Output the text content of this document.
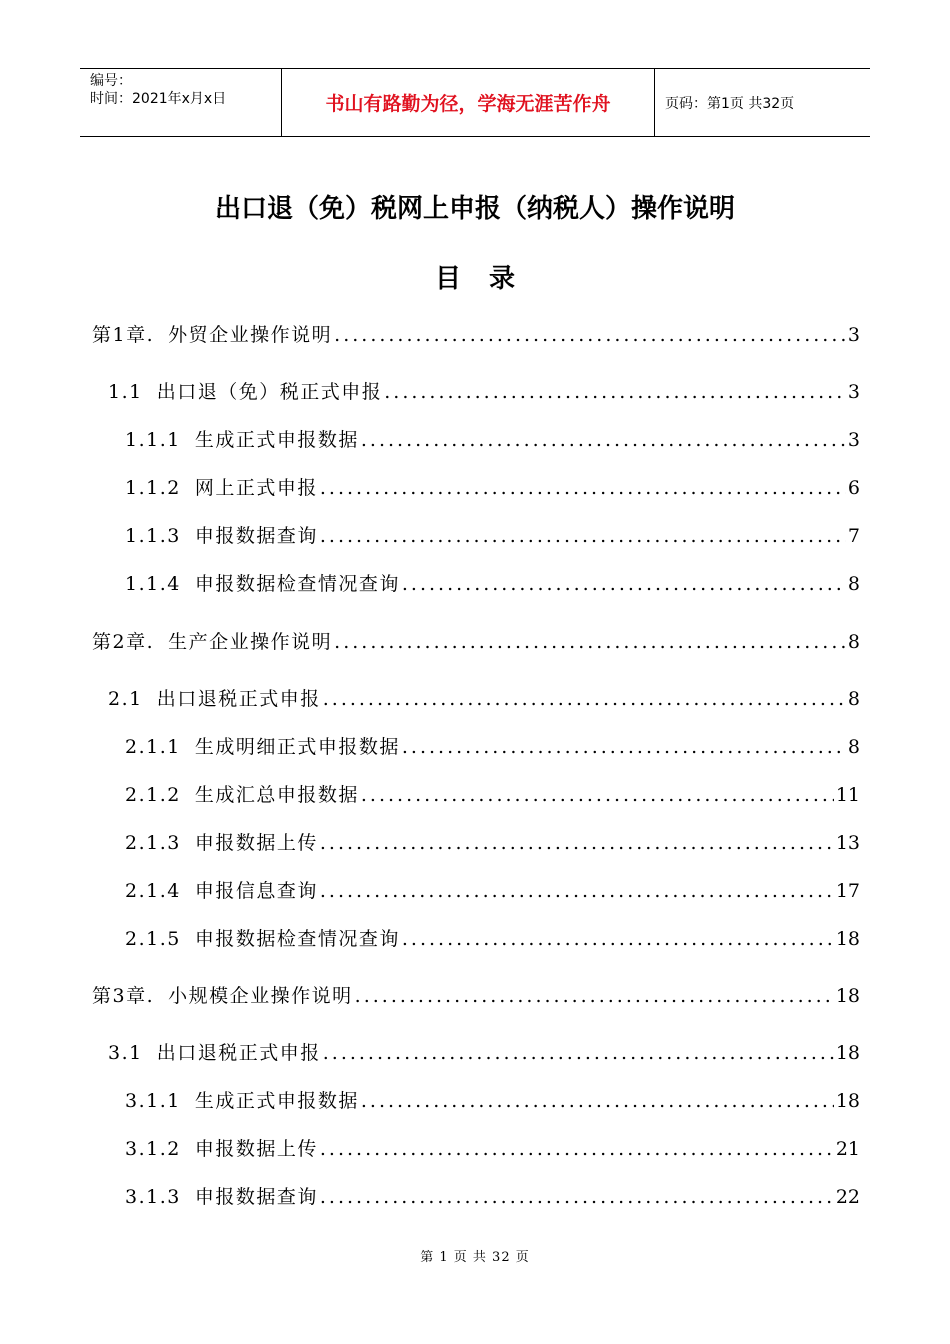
编号：
时间：2021年x月x日	书山有路勤为径，学海无涯苦作舟	页码：第1页 共32页
出口退（免）税网上申报（纳税人）操作说明
目录
第1章. 外贸企业操作说明 .....	3
1.1 出口退（免）税正式申报 .....	3
1.1.1 生成正式申报数据 .....	3
1.1.2 网上正式申报 .....	6
1.1.3 申报数据查询 .....	7
1.1.4 申报数据检查情况查询 .....	8
第2章. 生产企业操作说明 .....	8
2.1 出口退税正式申报 .....	8
2.1.1 生成明细正式申报数据 .....	8
2.1.2 生成汇总申报数据 .....	11
2.1.3 申报数据上传 .....	13
2.1.4 申报信息查询 .....	17
2.1.5 申报数据检查情况查询 .....	18
第3章. 小规模企业操作说明 .....	18
3.1 出口退税正式申报 .....	18
3.1.1 生成正式申报数据 .....	18
3.1.2 申报数据上传 .....	21
3.1.3 申报数据查询 .....	22
第 1 页 共 32 页
